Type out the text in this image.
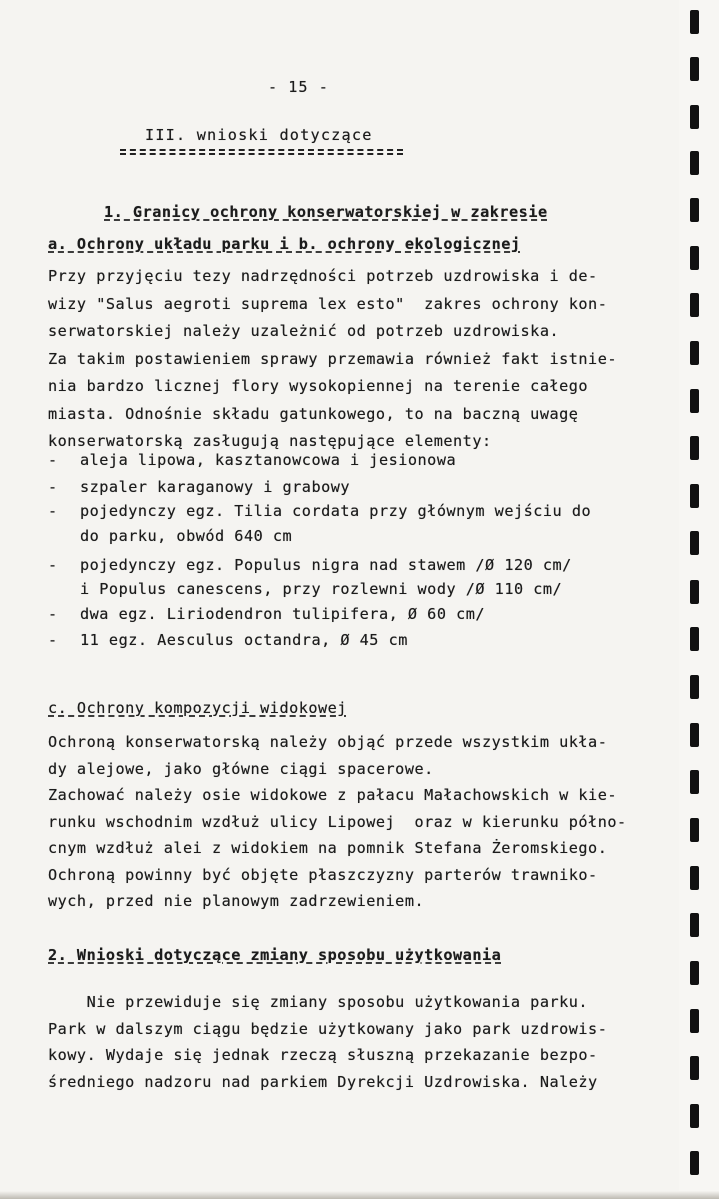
- 15 -
III. wnioski dotyczące
1. Granicy ochrony konserwatorskiej w zakresie
a. Ochrony układu parku i b. ochrony ekologicznej
Przy przyjęciu tezy nadrzędności potrzeb uzdrowiska i de-
wizy "Salus aegroti suprema lex esto"  zakres ochrony kon-
serwatorskiej należy uzależnić od potrzeb uzdrowiska.
Za takim postawieniem sprawy przemawia również fakt istnie-
nia bardzo licznej flory wysokopiennej na terenie całego
miasta. Odnośnie składu gatunkowego, to na baczną uwagę
konserwatorską zasługują następujące elementy:
- aleja lipowa, kasztanowcowa i jesionowa
- szpaler karaganowy i grabowy
- pojedynczy egz. Tilia cordata przy głównym wejściu do
do parku, obwód 640 cm
- pojedynczy egz. Populus nigra nad stawem /Ø 120 cm/
i Populus canescens, przy rozlewni wody /Ø 110 cm/
- dwa egz. Liriodendron tulipifera, Ø 60 cm/
- 11 egz. Aesculus octandra, Ø 45 cm
c. Ochrony kompozycji widokowej
Ochroną konserwatorską należy objąć przede wszystkim ukła-
dy alejowe, jako główne ciągi spacerowe.
Zachować należy osie widokowe z pałacu Małachowskich w kie-
runku wschodnim wzdłuż ulicy Lipowej  oraz w kierunku półno-
cnym wzdłuż alei z widokiem na pomnik Stefana Żeromskiego.
Ochroną powinny być objęte płaszczyzny parterów trawniko-
wych, przed nie planowym zadrzewieniem.
2. Wnioski dotyczące zmiany sposobu użytkowania
Nie przewiduje się zmiany sposobu użytkowania parku.
Park w dalszym ciągu będzie użytkowany jako park uzdrowis-
kowy. Wydaje się jednak rzeczą słuszną przekazanie bezpo-
średniego nadzoru nad parkiem Dyrekcji Uzdrowiska. Należy
